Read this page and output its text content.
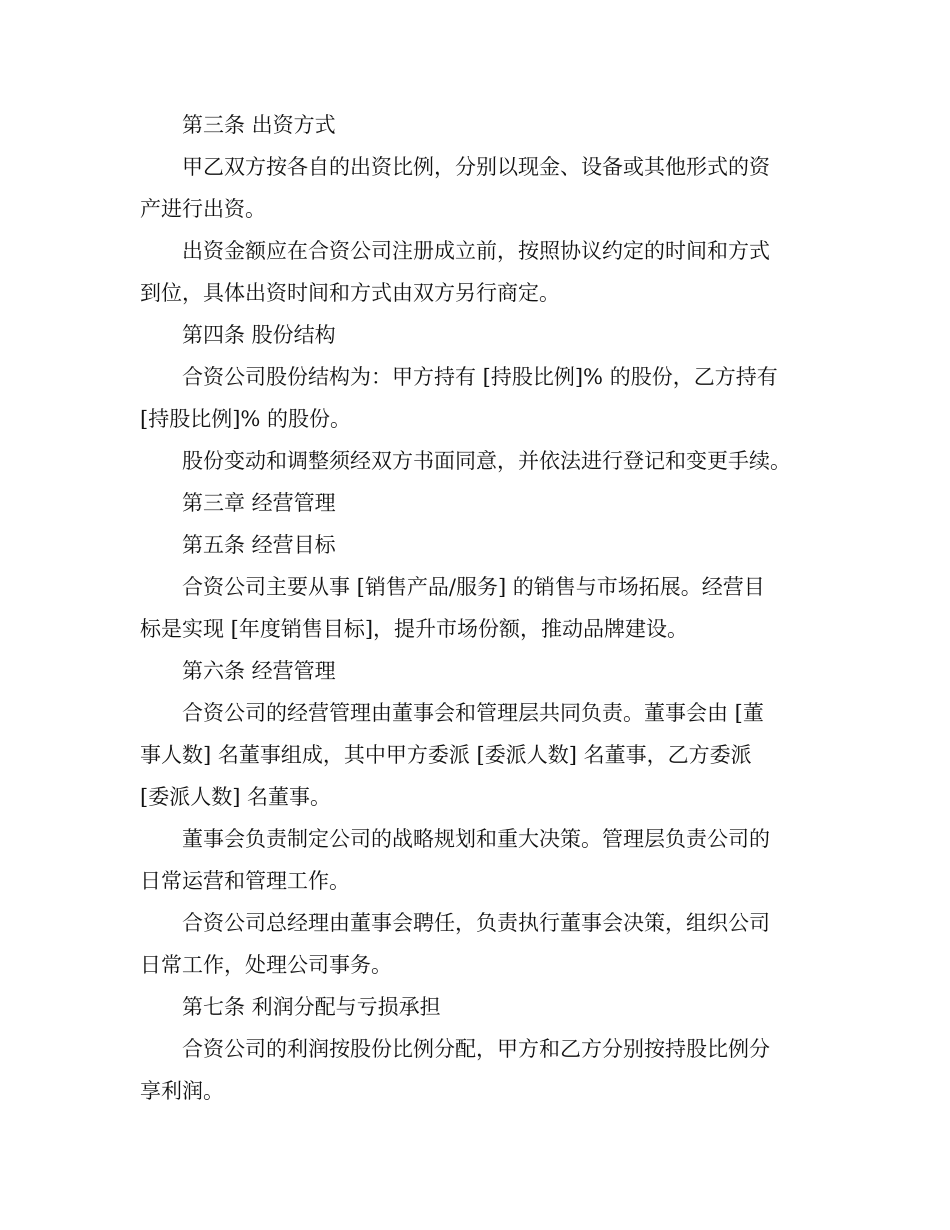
第三条 出资方式
甲乙双方按各自的出资比例，分别以现金、设备或其他形式的资
产进行出资。
出资金额应在合资公司注册成立前，按照协议约定的时间和方式
到位，具体出资时间和方式由双方另行商定。
第四条 股份结构
合资公司股份结构为：甲方持有 [持股比例]% 的股份，乙方持有
[持股比例]% 的股份。
股份变动和调整须经双方书面同意，并依法进行登记和变更手续。
第三章 经营管理
第五条 经营目标
合资公司主要从事 [销售产品/服务] 的销售与市场拓展。经营目
标是实现 [年度销售目标]，提升市场份额，推动品牌建设。
第六条 经营管理
合资公司的经营管理由董事会和管理层共同负责。董事会由 [董
事人数] 名董事组成，其中甲方委派 [委派人数] 名董事，乙方委派
[委派人数] 名董事。
董事会负责制定公司的战略规划和重大决策。管理层负责公司的
日常运营和管理工作。
合资公司总经理由董事会聘任，负责执行董事会决策，组织公司
日常工作，处理公司事务。
第七条 利润分配与亏损承担
合资公司的利润按股份比例分配，甲方和乙方分别按持股比例分
享利润。
